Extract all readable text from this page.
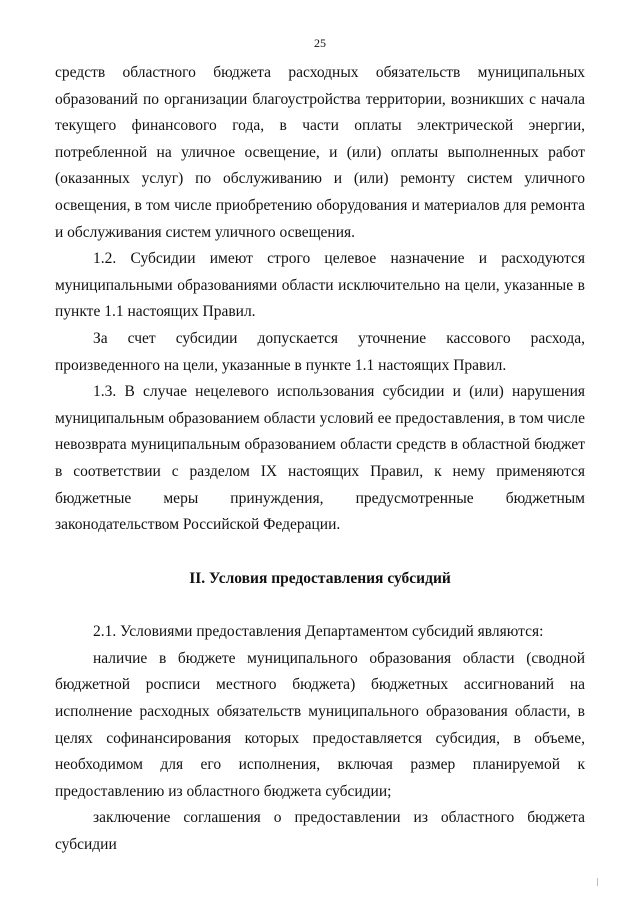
25

средств областного бюджета расходных обязательств муниципальных образований по организации благоустройства территории, возникших с начала текущего финансового года, в части оплаты электрической энергии, потребленной на уличное освещение, и (или) оплаты выполненных работ (оказанных услуг) по обслуживанию и (или) ремонту систем уличного освещения, в том числе приобретению оборудования и материалов для ремонта и обслуживания систем уличного освещения.

1.2. Субсидии имеют строго целевое назначение и расходуются муниципальными образованиями области исключительно на цели, указанные в пункте 1.1 настоящих Правил.

За счет субсидии допускается уточнение кассового расхода, произведенного на цели, указанные в пункте 1.1 настоящих Правил.

1.3. В случае нецелевого использования субсидии и (или) нарушения муниципальным образованием области условий ее предоставления, в том числе невозврата муниципальным образованием области средств в областной бюджет в соответствии с разделом IX настоящих Правил, к нему применяются бюджетные меры принуждения, предусмотренные бюджетным законодательством Российской Федерации.

II. Условия предоставления субсидий

2.1. Условиями предоставления Департаментом субсидий являются:

наличие в бюджете муниципального образования области (сводной бюджетной росписи местного бюджета) бюджетных ассигнований на исполнение расходных обязательств муниципального образования области, в целях софинансирования которых предоставляется субсидия, в объеме, необходимом для его исполнения, включая размер планируемой к предоставлению из областного бюджета субсидии;

заключение соглашения о предоставлении из областного бюджета субсидии
